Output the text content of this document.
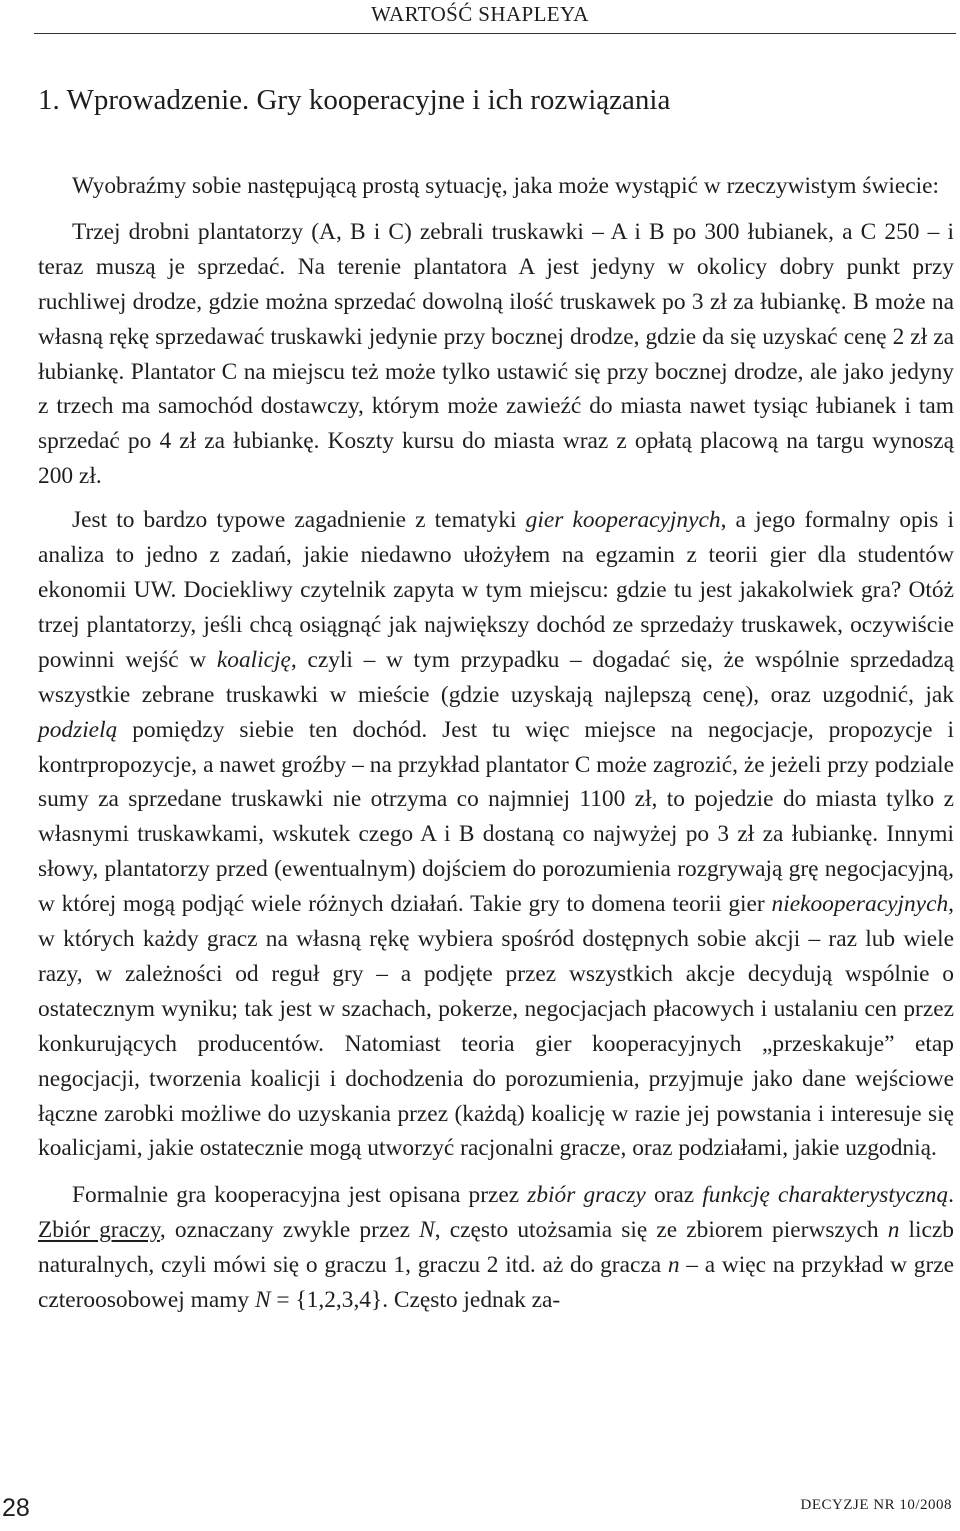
WARTOŚĆ SHAPLEYA
1. Wprowadzenie. Gry kooperacyjne i ich rozwiązania

Wyobraźmy sobie następującą prostą sytuację, jaka może wystąpić w rzeczywistym świecie:

Trzej drobni plantatorzy (A, B i C) zebrali truskawki – A i B po 300 łubianek, a C 250 – i teraz muszą je sprzedać. Na terenie plantatora A jest jedyny w okolicy dobry punkt przy ruchliwej drodze, gdzie można sprzedać dowolną ilość truskawek po 3 zł za łubiankę. B może na własną rękę sprzedawać truskawki jedynie przy bocznej drodze, gdzie da się uzyskać cenę 2 zł za łubiankę. Plantator C na miejscu też może tylko ustawić się przy bocznej drodze, ale jako jedyny z trzech ma samochód dostawczy, którym może zawieźć do miasta nawet tysiąc łubianek i tam sprzedać po 4 zł za łubiankę. Koszty kursu do miasta wraz z opłatą placową na targu wynoszą 200 zł.

Jest to bardzo typowe zagadnienie z tematyki gier kooperacyjnych, a jego formalny opis i analiza to jedno z zadań, jakie niedawno ułożyłem na egzamin z teorii gier dla studentów ekonomii UW. Dociekliwy czytelnik zapyta w tym miejscu: gdzie tu jest jakakolwiek gra? Otóż trzej plantatorzy, jeśli chcą osiągnąć jak największy dochód ze sprzedaży truskawek, oczywiście powinni wejść w koalicję, czyli – w tym przypadku – dogadać się, że wspólnie sprzedadzą wszystkie zebrane truskawki w mieście (gdzie uzyskają najlepszą cenę), oraz uzgodnić, jak podzielą pomiędzy siebie ten dochód. Jest tu więc miejsce na negocjacje, propozycje i kontrpropozycje, a nawet groźby – na przykład plantator C może zagrozić, że jeżeli przy podziale sumy za sprzedane truskawki nie otrzyma co najmniej 1100 zł, to pojedzie do miasta tylko z własnymi truskawkami, wskutek czego A i B dostaną co najwyżej po 3 zł za łubiankę. Innymi słowy, plantatorzy przed (ewentualnym) dojściem do porozumienia rozgrywają grę negocjacyjną, w której mogą podjąć wiele różnych działań. Takie gry to domena teorii gier niekooperacyjnych, w których każdy gracz na własną rękę wybiera spośród dostępnych sobie akcji – raz lub wiele razy, w zależności od reguł gry – a podjęte przez wszystkich akcje decydują wspólnie o ostatecznym wyniku; tak jest w szachach, pokerze, negocjacjach płacowych i ustalaniu cen przez konkurujących producentów. Natomiast teoria gier kooperacyjnych „przeskakuje” etap negocjacji, tworzenia koalicji i dochodzenia do porozumienia, przyjmuje jako dane wejściowe łączne zarobki możliwe do uzyskania przez (każdą) koalicję w razie jej powstania i interesuje się koalicjami, jakie ostatecznie mogą utworzyć racjonalni gracze, oraz podziałami, jakie uzgodnią.

Formalnie gra kooperacyjna jest opisana przez zbiór graczy oraz funkcję charakterystyczną. Zbiór graczy, oznaczany zwykle przez N, często utożsamia się ze zbiorem pierwszych n liczb naturalnych, czyli mówi się o graczu 1, graczu 2 itd. aż do gracza n – a więc na przykład w grze czteroosobowej mamy N = {1,2,3,4}. Często jednak za-

28	DECYZJE NR 10/2008
